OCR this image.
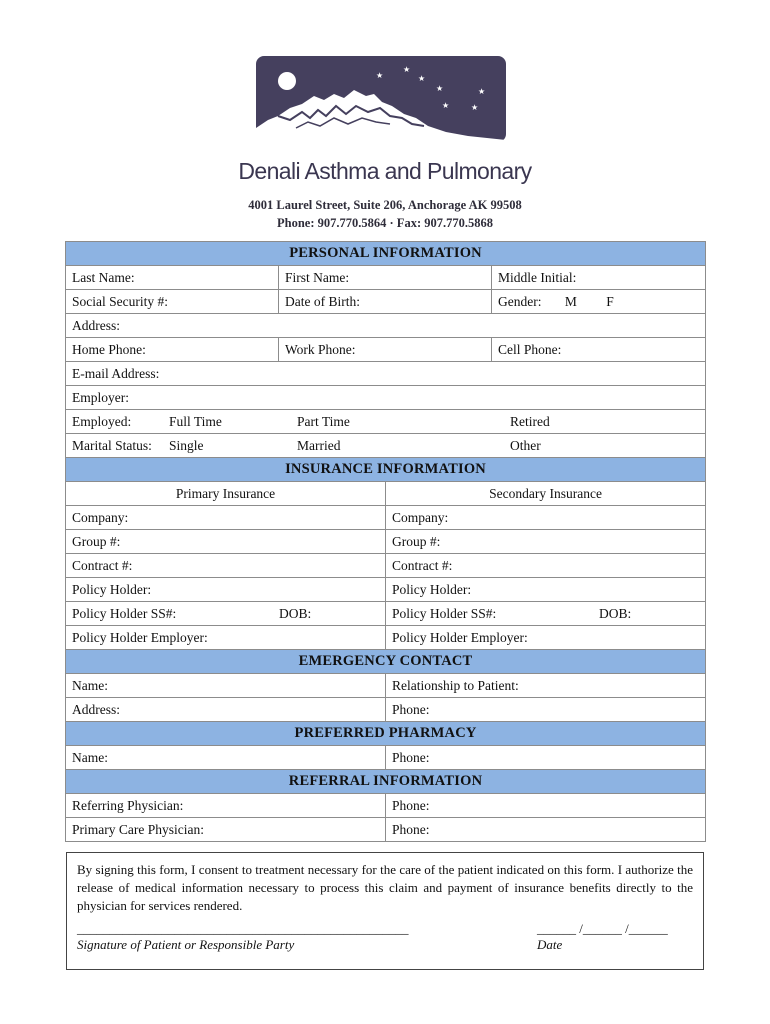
★
★
★
★	★
★	★
Denali Asthma and Pulmonary
4001 Laurel Street, Suite 206, Anchorage AK 99508
Phone: 907.770.5864 · Fax: 907.770.5868
PERSONAL INFORMATION			
Last Name:	First Name:		Middle Initial:
Social Security #:	Date of Birth:		Gender: M F
Address:			
Home Phone:	Work Phone:		Cell Phone:
E-mail Address:			
Employer:			
Employed: Full Time Part Time Retired			
Marital Status: Single Married Other			
INSURANCE INFORMATION			
Primary Insurance		Secondary Insurance	
Company:		Company:	
Group #:		Group #:	
Contract #:		Contract #:	
Policy Holder:		Policy Holder:	
Policy Holder SS#: DOB:		Policy Holder SS#: DOB:	
Policy Holder Employer:		Policy Holder Employer:	
EMERGENCY CONTACT			
Name:		Relationship to Patient:	
Address:		Phone:	
PREFERRED PHARMACY			
Name:		Phone:	
REFERRAL INFORMATION			
Referring Physician:		Phone:	
Primary Care Physician:		Phone:	
By signing this form, I consent to treatment necessary for the care of the patient indicated on this form. I authorize the release of medical information necessary to process this claim and payment of insurance benefits directly to the physician for services rendered.
___________________________________________________
Signature of Patient or Responsible Party
______ /______ /______
Date
